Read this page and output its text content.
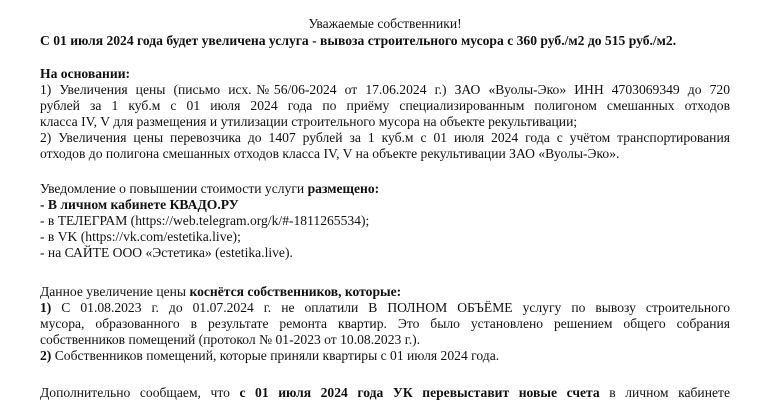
Уважаемые собственники!
С 01 июля 2024 года будет увеличена услуга - вывоза строительного мусора с 360 руб./м2 до 515 руб./м2.
На основании:
1) Увеличения цены (письмо исх.№56/06-2024 от 17.06.2024 г.) ЗАО «Вуолы-Эко» ИНН 4703069349 до 720
рублей за 1 куб.м с 01 июля 2024 года по приёму специализированным полигоном смешанных отходов
класса IV, V для размещения и утилизации строительного мусора на объекте рекультивации;
2) Увеличения цены перевозчика до 1407 рублей за 1 куб.м с 01 июля 2024 года с учётом транспортирования
отходов до полигона смешанных отходов класса IV, V на объекте рекультивации ЗАО «Вуолы-Эко».
Уведомление о повышении стоимости услуги размещено:
- В личном кабинете КВАДО.РУ
- в ТЕЛЕГРАМ (https://web.telegram.org/k/#-1811265534);
- в VK (https://vk.com/estetika.live);
- на САЙТЕ ООО «Эстетика» (estetika.live).
Данное увеличение цены коснётся собственников, которые:
1) С 01.08.2023 г. до 01.07.2024 г. не оплатили В ПОЛНОМ ОБЪЁМЕ услугу по вывозу строительного
мусора, образованного в результате ремонта квартир. Это было установлено решением общего собрания
собственников помещений (протокол № 01-2023 от 10.08.2023 г.).
2) Собственников помещений, которые приняли квартиры с 01 июля 2024 года.
Дополнительно сообщаем, что с 01 июля 2024 года УК перевыставит новые счета в личном кабинете
